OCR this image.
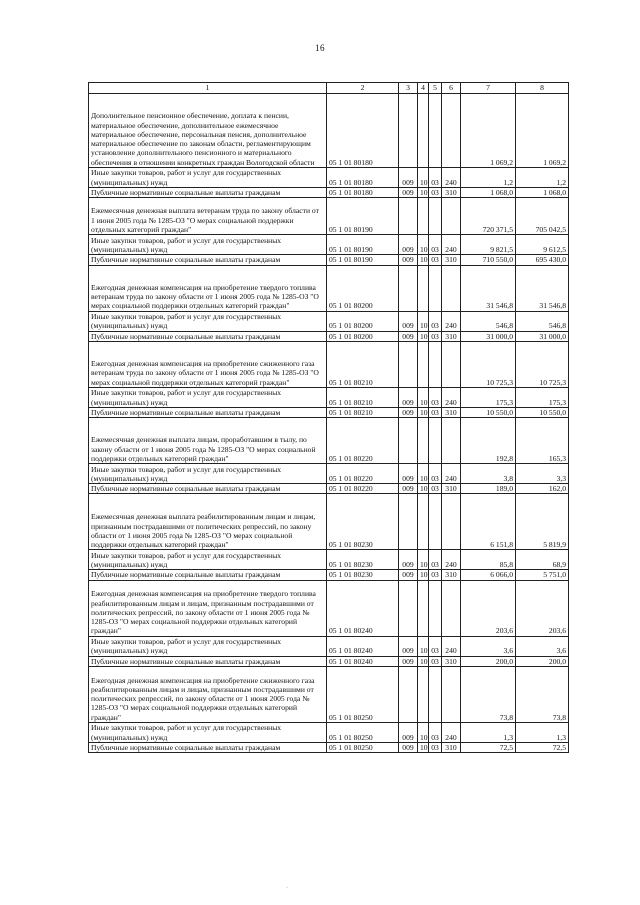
16
1	2	3	4	5	6	7	8
Дополнительное пенсионное обеспечение, доплата к пенсии, материальное обеспечение, дополнительное ежемесячное материальное обеспечение, персональная пенсия, дополнительное материальное обеспечение по законам области, регламентирующим установление дополнительного пенсионного и материального обеспечения в отношении конкретных граждан Вологодской области	05 1 01 80180					1 069,2	1 069,2
Иные закупки товаров, работ и услуг для государственных (муниципальных) нужд	05 1 01 80180	009	10	03	240	1,2	1,2
Публичные нормативные социальные выплаты гражданам	05 1 01 80180	009	10	03	310	1 068,0	1 068,0
Ежемесячная денежная выплата ветеранам труда по закону области от 1 июня 2005 года № 1285-ОЗ "О мерах социальной поддержки отдельных категорий граждан"	05 1 01 80190					720 371,5	705 042,5
Иные закупки товаров, работ и услуг для государственных (муниципальных) нужд	05 1 01 80190	009	10	03	240	9 821,5	9 612,5
Публичные нормативные социальные выплаты гражданам	05 1 01 80190	009	10	03	310	710 550,0	695 430,0
Ежегодная денежная компенсация на приобретение твердого топлива ветеранам труда по закону области от 1 июня 2005 года № 1285-ОЗ "О мерах социальной поддержки отдельных категорий граждан"	05 1 01 80200					31 546,8	31 546,8
Иные закупки товаров, работ и услуг для государственных (муниципальных) нужд	05 1 01 80200	009	10	03	240	546,8	546,8
Публичные нормативные социальные выплаты гражданам	05 1 01 80200	009	10	03	310	31 000,0	31 000,0
Ежегодная денежная компенсация на приобретение сжиженного газа ветеранам труда по закону области от 1 июня 2005 года № 1285-ОЗ "О мерах социальной поддержки отдельных категорий граждан"	05 1 01 80210					10 725,3	10 725,3
Иные закупки товаров, работ и услуг для государственных (муниципальных) нужд	05 1 01 80210	009	10	03	240	175,3	175,3
Публичные нормативные социальные выплаты гражданам	05 1 01 80210	009	10	03	310	10 550,0	10 550,0
Ежемесячная денежная выплата лицам, проработавшим в тылу, по закону области от 1 июня 2005 года № 1285-ОЗ "О мерах социальной поддержки отдельных категорий граждан"	05 1 01 80220					192,8	165,3
Иные закупки товаров, работ и услуг для государственных (муниципальных) нужд	05 1 01 80220	009	10	03	240	3,8	3,3
Публичные нормативные социальные выплаты гражданам	05 1 01 80220	009	10	03	310	189,0	162,0
Ежемесячная денежная выплата реабилитированным лицам и лицам, признанным пострадавшими от политических репрессий, по закону области от 1 июня 2005 года № 1285-ОЗ "О мерах социальной поддержки отдельных категорий граждан"	05 1 01 80230					6 151,8	5 819,9
Иные закупки товаров, работ и услуг для государственных (муниципальных) нужд	05 1 01 80230	009	10	03	240	85,8	68,9
Публичные нормативные социальные выплаты гражданам	05 1 01 80230	009	10	03	310	6 066,0	5 751,0
Ежегодная денежная компенсация на приобретение твердого топлива реабилитированным лицам и лицам, признанным пострадавшими от политических репрессий, по закону области от 1 июня 2005 года № 1285-ОЗ "О мерах социальной поддержки отдельных категорий граждан"	05 1 01 80240					203,6	203,6
Иные закупки товаров, работ и услуг для государственных (муниципальных) нужд	05 1 01 80240	009	10	03	240	3,6	3,6
Публичные нормативные социальные выплаты гражданам	05 1 01 80240	009	10	03	310	200,0	200,0
Ежегодная денежная компенсация на приобретение сжиженного газа реабилитированным лицам и лицам, признанным пострадавшими от политических репрессий, по закону области от 1 июня 2005 года № 1285-ОЗ "О мерах социальной поддержки отдельных категорий граждан"	05 1 01 80250					73,8	73,8
Иные закупки товаров, работ и услуг для государственных (муниципальных) нужд	05 1 01 80250	009	10	03	240	1,3	1,3
Публичные нормативные социальные выплаты гражданам	05 1 01 80250	009	10	03	310	72,5	72,5
·
